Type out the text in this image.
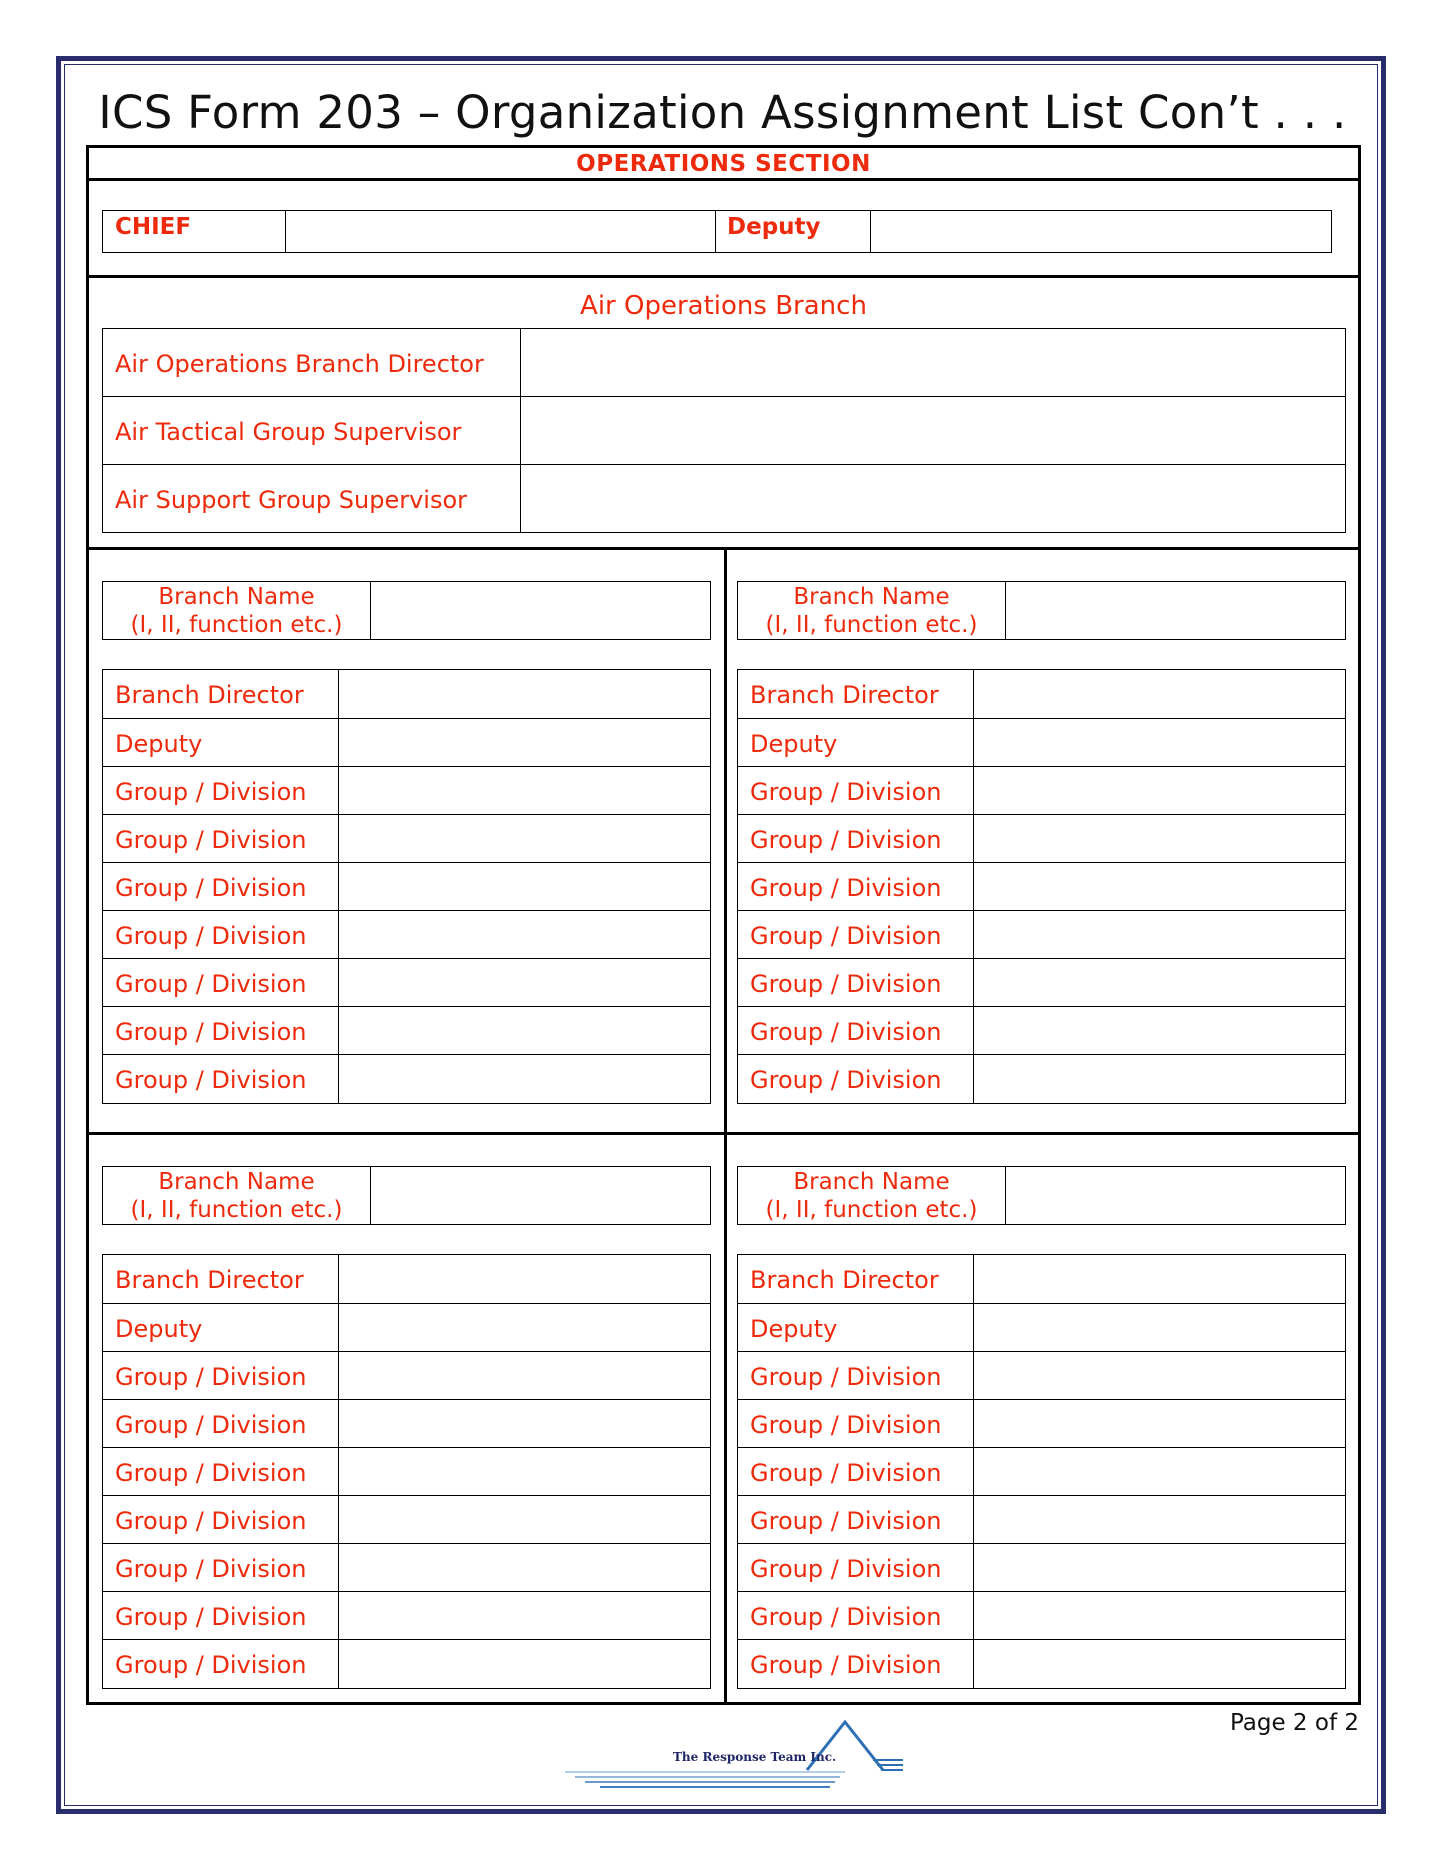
ICS Form 203 – Organization Assignment List Con’t . . .
OPERATIONS SECTION
CHIEF	Deputy
Air Operations Branch
Air Operations Branch Director
Air Tactical Group Supervisor
Air Support Group Supervisor
Branch Name
(I, II, function etc.)
Branch Director
Deputy
Group / Division
Group / Division
Group / Division
Group / Division
Group / Division
Group / Division
Group / Division
Branch Name
(I, II, function etc.)
Branch Director
Deputy
Group / Division
Group / Division
Group / Division
Group / Division
Group / Division
Group / Division
Group / Division
Branch Name
(I, II, function etc.)
Branch Director
Deputy
Group / Division
Group / Division
Group / Division
Group / Division
Group / Division
Group / Division
Group / Division
Branch Name
(I, II, function etc.)
Branch Director
Deputy
Group / Division
Group / Division
Group / Division
Group / Division
Group / Division
Group / Division
Group / Division
Page 2 of 2
The Response Team Inc.
